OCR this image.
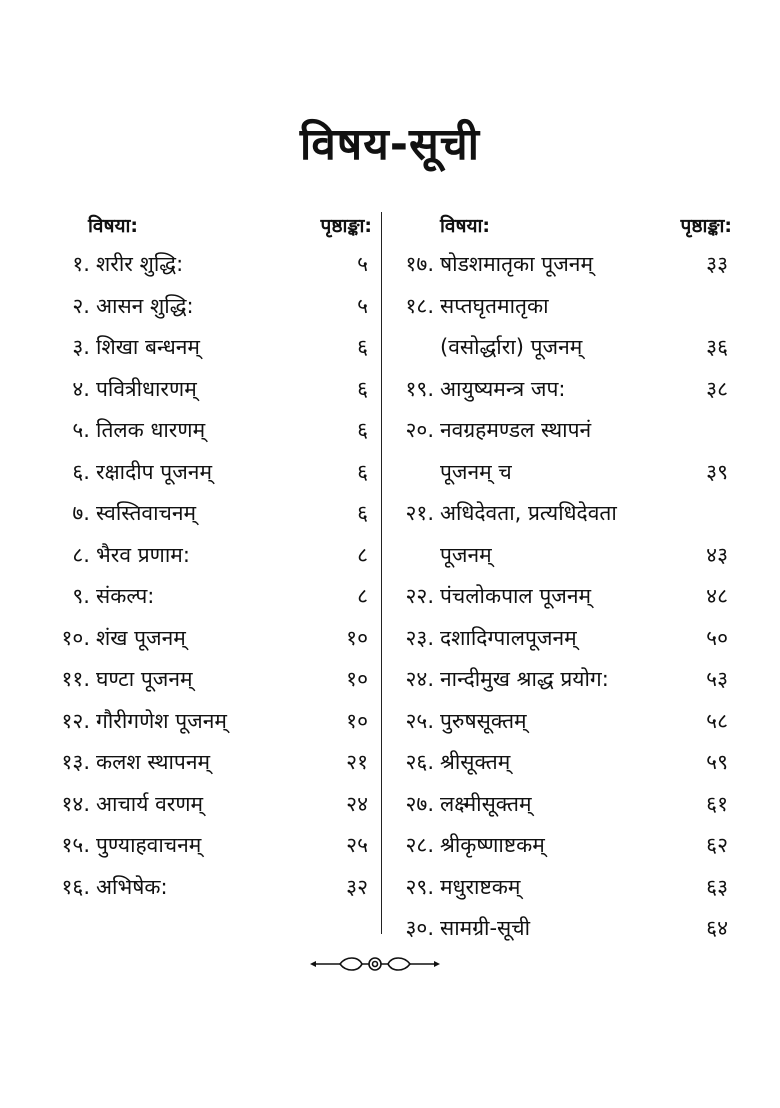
विषय-सूची
विषया:	पृष्ठाङ्का:
१. शरीर शुद्धि:	५
२. आसन शुद्धि:	५
३. शिखा बन्धनम्	६
४. पवित्रीधारणम्	६
५. तिलक धारणम्	६
६. रक्षादीप पूजनम्	६
७. स्वस्तिवाचनम्	६
८. भैरव प्रणाम:	८
९. संकल्प:	८
१०. शंख पूजनम्	१०
११. घण्टा पूजनम्	१०
१२. गौरीगणेश पूजनम्	१०
१३. कलश स्थापनम्	२१
१४. आचार्य वरणम्	२४
१५. पुण्याहवाचनम्	२५
१६. अभिषेक:	३२
विषया:	पृष्ठाङ्का:
१७. षोडशमातृका पूजनम्	३३
१८. सप्तघृतमातृका
(वसोर्द्धारा) पूजनम्	३६
१९. आयुष्यमन्त्र जप:	३८
२०. नवग्रहमण्डल स्थापनं
पूजनम् च	३९
२१. अधिदेवता, प्रत्यधिदेवता
पूजनम्	४३
२२. पंचलोकपाल पूजनम्	४८
२३. दशादिग्पालपूजनम्	५०
२४. नान्दीमुख श्राद्ध प्रयोग:	५३
२५. पुरुषसूक्तम्	५८
२६. श्रीसूक्तम्	५९
२७. लक्ष्मीसूक्तम्	६१
२८. श्रीकृष्णाष्टकम्	६२
२९. मधुराष्टकम्	६३
३०. सामग्री-सूची	६४
